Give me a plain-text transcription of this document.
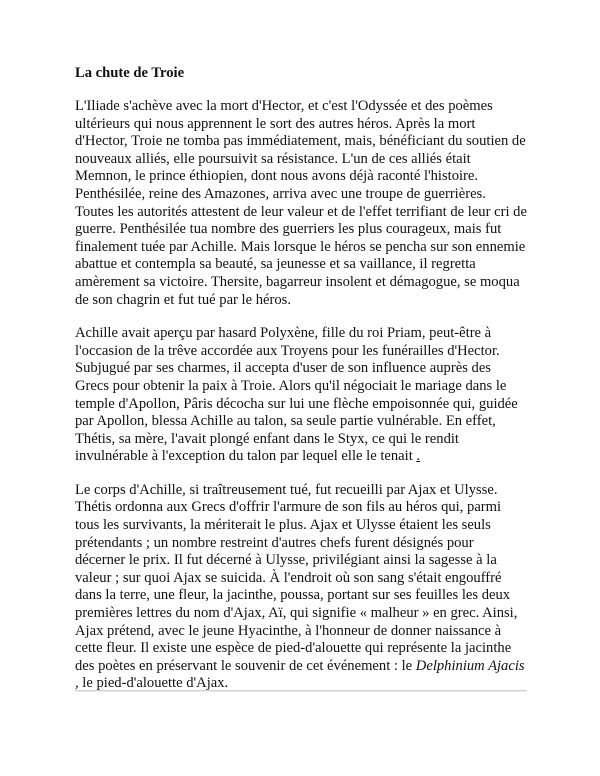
La chute de Troie

L'Iliade s'achève avec la mort d'Hector, et c'est l'Odyssée et des poèmes ultérieurs qui nous apprennent le sort des autres héros. Après la mort d'Hector, Troie ne tomba pas immédiatement, mais, bénéficiant du soutien de nouveaux alliés, elle poursuivit sa résistance. L'un de ces alliés était Memnon, le prince éthiopien, dont nous avons déjà raconté l'histoire. Penthésilée, reine des Amazones, arriva avec une troupe de guerrières. Toutes les autorités attestent de leur valeur et de l'effet terrifiant de leur cri de guerre. Penthésilée tua nombre des guerriers les plus courageux, mais fut finalement tuée par Achille. Mais lorsque le héros se pencha sur son ennemie abattue et contempla sa beauté, sa jeunesse et sa vaillance, il regretta amèrement sa victoire. Thersite, bagarreur insolent et démagogue, se moqua de son chagrin et fut tué par le héros.

Achille avait aperçu par hasard Polyxène, fille du roi Priam, peut-être à l'occasion de la trêve accordée aux Troyens pour les funérailles d'Hector. Subjugué par ses charmes, il accepta d'user de son influence auprès des Grecs pour obtenir la paix à Troie. Alors qu'il négociait le mariage dans le temple d'Apollon, Pâris décocha sur lui une flèche empoisonnée qui, guidée par Apollon, blessa Achille au talon, sa seule partie vulnérable. En effet, Thétis, sa mère, l'avait plongé enfant dans le Styx, ce qui le rendit invulnérable à l'exception du talon par lequel elle le tenait .

Le corps d'Achille, si traîtreusement tué, fut recueilli par Ajax et Ulysse. Thétis ordonna aux Grecs d'offrir l'armure de son fils au héros qui, parmi tous les survivants, la mériterait le plus. Ajax et Ulysse étaient les seuls prétendants ; un nombre restreint d'autres chefs furent désignés pour décerner le prix. Il fut décerné à Ulysse, privilégiant ainsi la sagesse à la valeur ; sur quoi Ajax se suicida. À l'endroit où son sang s'était engouffré dans la terre, une fleur, la jacinthe, poussa, portant sur ses feuilles les deux premières lettres du nom d'Ajax, Aï, qui signifie « malheur » en grec. Ainsi, Ajax prétend, avec le jeune Hyacinthe, à l'honneur de donner naissance à cette fleur. Il existe une espèce de pied-d'alouette qui représente la jacinthe des poètes en préservant le souvenir de cet événement : le Delphinium Ajacis , le pied-d'alouette d'Ajax.
